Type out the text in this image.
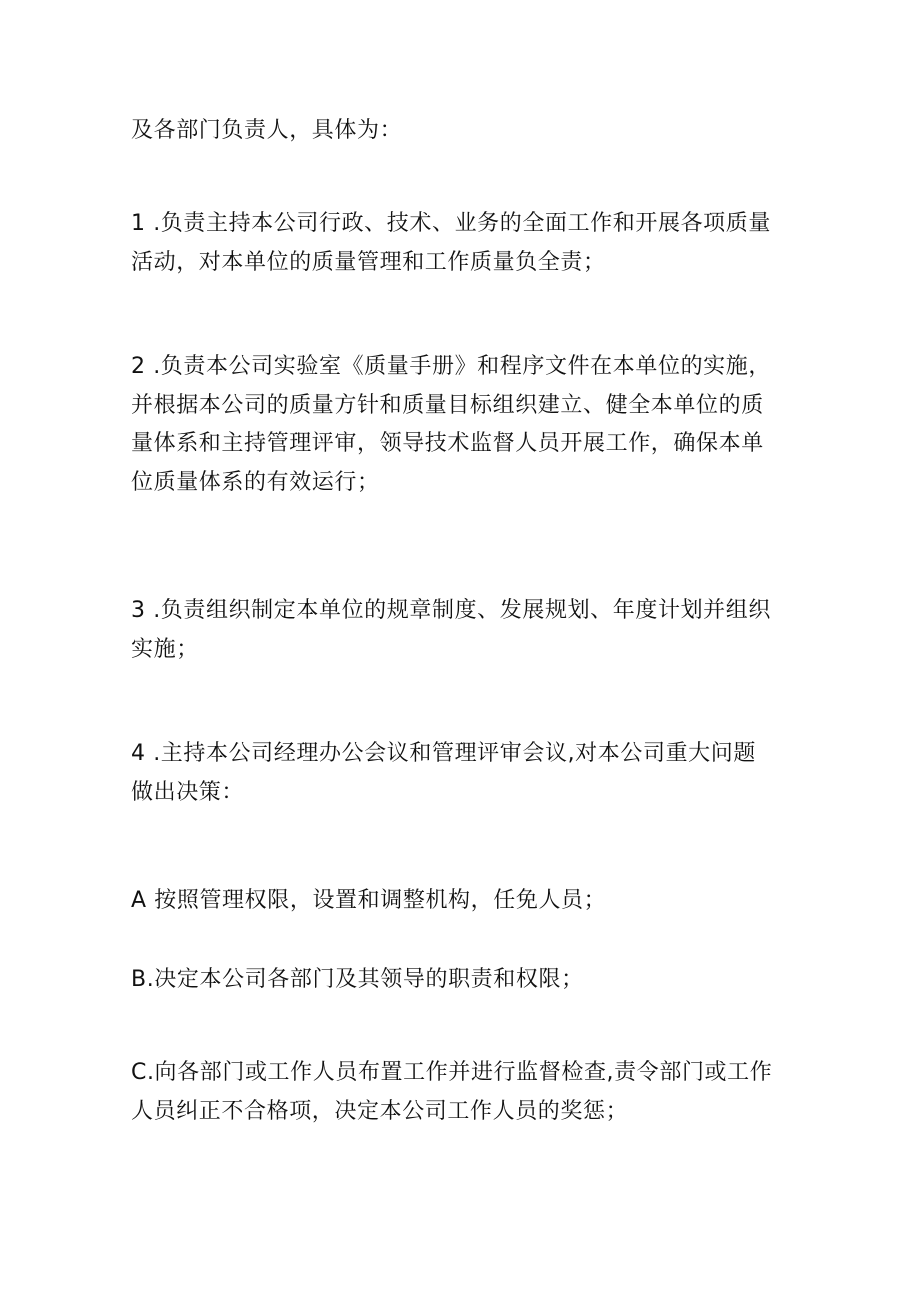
及各部门负责人，具体为：

1 .负责主持本公司行政、技术、业务的全面工作和开展各项质量
活动，对本单位的质量管理和工作质量负全责；

2 .负责本公司实验室《质量手册》和程序文件在本单位的实施，
并根据本公司的质量方针和质量目标组织建立、健全本单位的质
量体系和主持管理评审，领导技术监督人员开展工作，确保本单
位质量体系的有效运行；

3 .负责组织制定本单位的规章制度、发展规划、年度计划并组织
实施；

4 .主持本公司经理办公会议和管理评审会议,对本公司重大问题
做出决策：

A 按照管理权限，设置和调整机构，任免人员；

B.决定本公司各部门及其领导的职责和权限；

C.向各部门或工作人员布置工作并进行监督检查,责令部门或工作
人员纠正不合格项，决定本公司工作人员的奖惩；
